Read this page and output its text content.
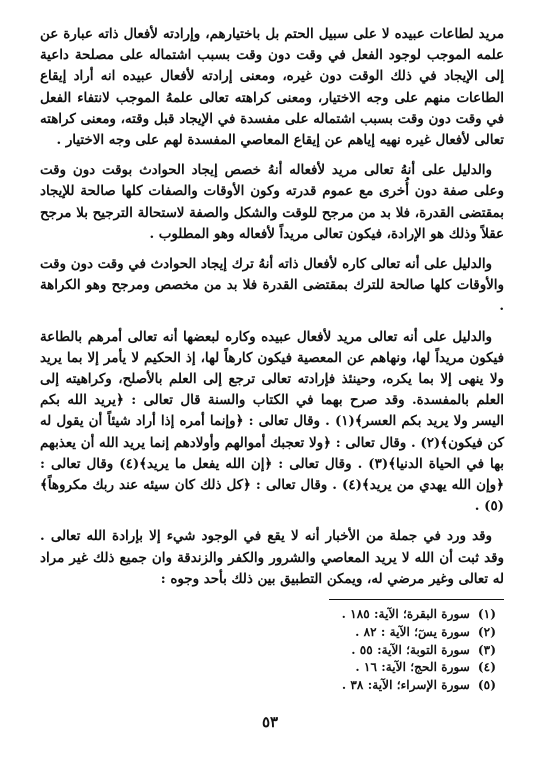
مريد لطاعات عبيده لا على سبيل الحتم بل باختيارهم، وإرادته لأفعال ذاته عبارة عن علمه الموجب لوجود الفعل في وقت دون وقت بسبب اشتماله على مصلحة داعية إلى الإيجاد في ذلك الوقت دون غيره، ومعنى إرادته لأفعال عبيده انه أراد إيقاع الطاعات منهم على وجه الاختيار، ومعنى كراهته تعالى علمهُ الموجب لانتفاء الفعل في وقت دون وقت بسبب اشتماله على مفسدة في الإيجاد قبل وقته، ومعنى كراهته تعالى لأفعال غيره نهيه إياهم عن إيقاع المعاصي المفسدة لهم على وجه الاختيار .

والدليل على أنهُ تعالى مريد لأفعاله أنهُ خصص إيجاد الحوادث بوقت دون وقت وعلى صفة دون أُخرى مع عموم قدرته وكون الأوقات والصفات كلها صالحة للإيجاد بمقتضى القدرة، فلا بد من مرجح للوقت والشكل والصفة لاستحالة الترجيح بلا مرجح عقلاً وذلك هو الإرادة، فيكون تعالى مريداً لأفعاله وهو المطلوب .

والدليل على أنه تعالى كاره لأفعال ذاته أنهُ ترك إيجاد الحوادث في وقت دون وقت والأوقات كلها صالحة للترك بمقتضى القدرة فلا بد من مخصص ومرجح وهو الكراهة .

والدليل على أنه تعالى مريد لأفعال عبيده وكاره لبعضها أنه تعالى أمرهم بالطاعة فيكون مريداً لها، ونهاهم عن المعصية فيكون كارهاً لها، إذ الحكيم لا يأمر إلا بما يريد ولا ينهى إلا بما يكره، وحينئذ فإرادته تعالى ترجع إلى العلم بالأصلح، وكراهيته إلى العلم بالمفسدة. وقد صرح بهما في الكتاب والسنة قال تعالى : ﴿يريد الله بكم اليسر ولا يريد بكم العسر﴾(١) . وقال تعالى : ﴿وإنما أمره إذا أراد شيئاً أن يقول له كن فيكون﴾(٢) . وقال تعالى : ﴿ولا تعجبك أموالهم وأولادهم إنما يريد الله أن يعذبهم بها في الحياة الدنيا﴾(٣) . وقال تعالى : ﴿إن الله يفعل ما يريد﴾(٤) وقال تعالى : ﴿وإن الله يهدي من يريد﴾(٤) . وقال تعالى : ﴿كل ذلك كان سيئه عند ربك مكروهاً﴾(٥) .

وقد ورد في جملة من الأخبار أنه لا يقع في الوجود شيء إلا بإرادة الله تعالى . وقد ثبت أن الله لا يريد المعاصي والشرور والكفر والزندقة وان جميع ذلك غير مراد له تعالى وغير مرضي له، ويمكن التطبيق بين ذلك بأحد وجوه :

(١)سورة البقرة؛ الآية: ١٨٥ .
(٢)سورة يسٓ؛ الآية : ٨٢ .
(٣)سورة التوبة؛ الآية: ٥٥ .
(٤)سورة الحج؛ الآية: ١٦ .
(٥)سورة الإسراء؛ الآية: ٣٨ .
٥٣
